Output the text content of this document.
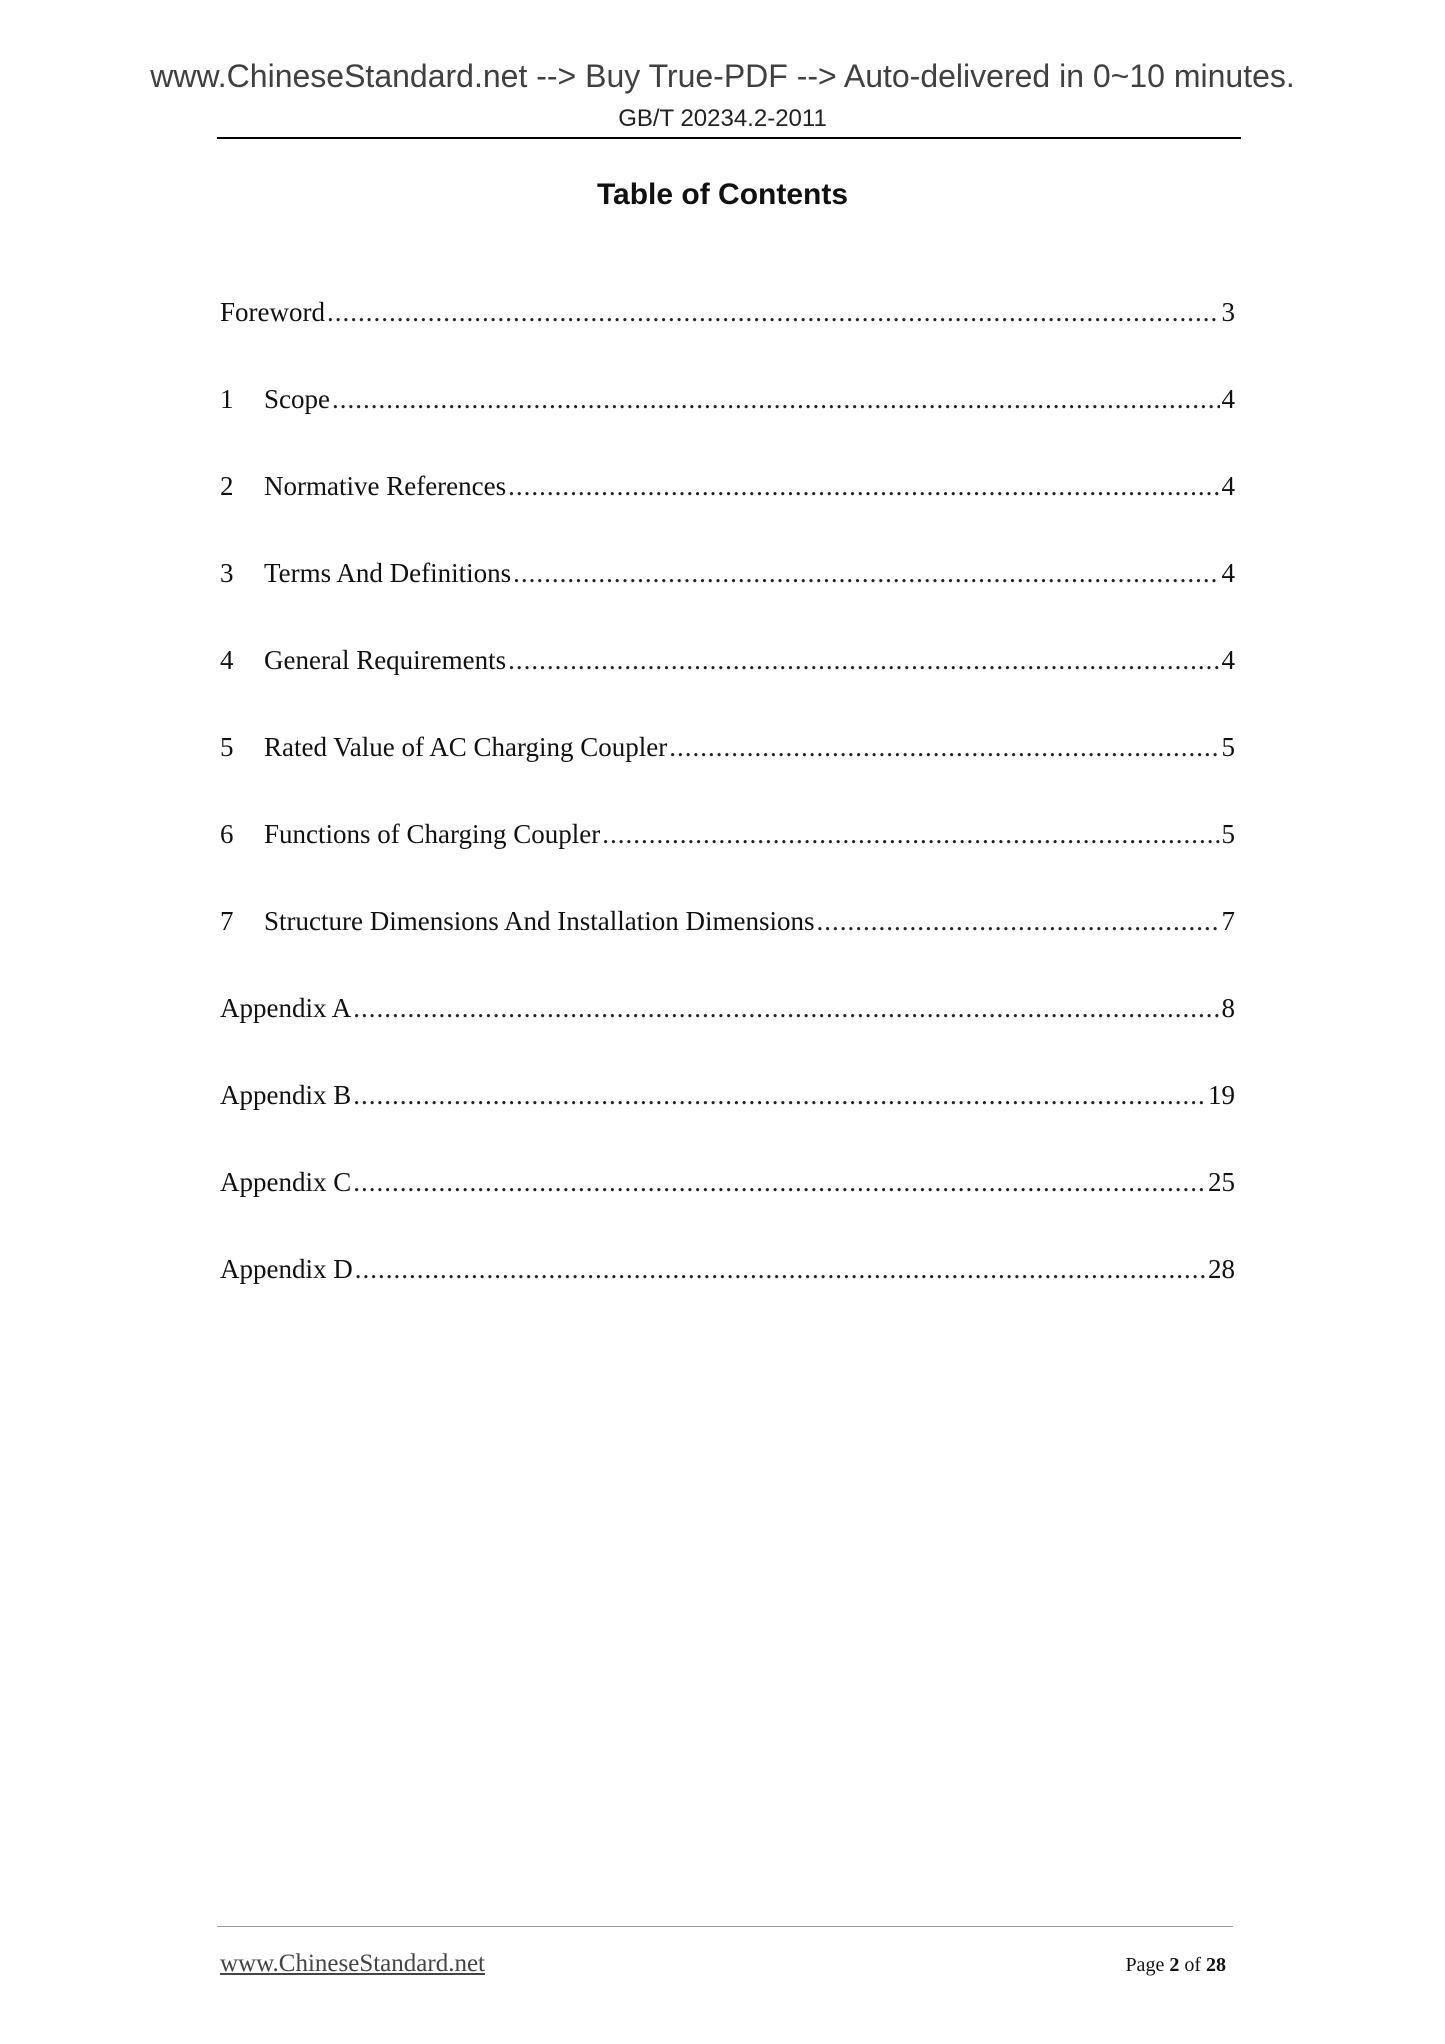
www.ChineseStandard.net --> Buy True-PDF --> Auto-delivered in 0~10 minutes.
GB/T 20234.2-2011
Table of Contents
Foreword .....	3
1	Scope .....	4
2	Normative References .....	4
3	Terms And Definitions .....	4
4	General Requirements .....	4
5	Rated Value of AC Charging Coupler .....	5
6	Functions of Charging Coupler .....	5
7	Structure Dimensions And Installation Dimensions .....	7
Appendix A .....	8
Appendix B .....	19
Appendix C .....	25
Appendix D .....	28
www.ChineseStandard.net	Page 2 of 28
